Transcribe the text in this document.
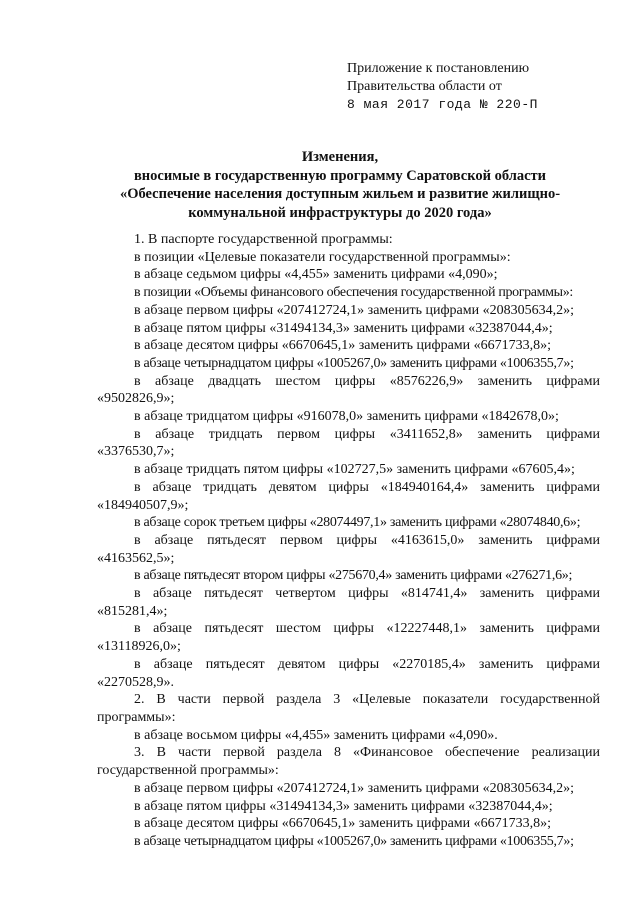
Приложение к постановлению
Правительства области от
8 мая 2017 года № 220-П
Изменения,
вносимые в государственную программу Саратовской области
«Обеспечение населения доступным жильем и развитие жилищно-
коммунальной инфраструктуры до 2020 года»

1. В паспорте государственной программы:

в позиции «Целевые показатели государственной программы»:

в абзаце седьмом цифры «4,455» заменить цифрами «4,090»;

в позиции «Объемы финансового обеспечения государственной программы»:

в абзаце первом цифры «207412724,1» заменить цифрами «208305634,2»;

в абзаце пятом цифры «31494134,3» заменить цифрами «32387044,4»;

в абзаце десятом цифры «6670645,1» заменить цифрами «6671733,8»;

в абзаце четырнадцатом цифры «1005267,0» заменить цифрами «1006355,7»;

в абзаце двадцать шестом цифры «8576226,9» заменить цифрами «9502826,9»;

в абзаце тридцатом цифры «916078,0» заменить цифрами «1842678,0»;

в абзаце тридцать первом цифры «3411652,8» заменить цифрами «3376530,7»;

в абзаце тридцать пятом цифры «102727,5» заменить цифрами «67605,4»;

в абзаце тридцать девятом цифры «184940164,4» заменить цифрами «184940507,9»;

в абзаце сорок третьем цифры «28074497,1» заменить цифрами «28074840,6»;

в абзаце пятьдесят первом цифры «4163615,0» заменить цифрами «4163562,5»;

в абзаце пятьдесят втором цифры «275670,4» заменить цифрами «276271,6»;

в абзаце пятьдесят четвертом цифры «814741,4» заменить цифрами «815281,4»;

в абзаце пятьдесят шестом цифры «12227448,1» заменить цифрами «13118926,0»;

в абзаце пятьдесят девятом цифры «2270185,4» заменить цифрами «2270528,9».

2. В части первой раздела 3 «Целевые показатели государственной программы»:

в абзаце восьмом цифры «4,455» заменить цифрами «4,090».

3. В части первой раздела 8 «Финансовое обеспечение реализации государственной программы»:

в абзаце первом цифры «207412724,1» заменить цифрами «208305634,2»;

в абзаце пятом цифры «31494134,3» заменить цифрами «32387044,4»;

в абзаце десятом цифры «6670645,1» заменить цифрами «6671733,8»;

в абзаце четырнадцатом цифры «1005267,0» заменить цифрами «1006355,7»;
